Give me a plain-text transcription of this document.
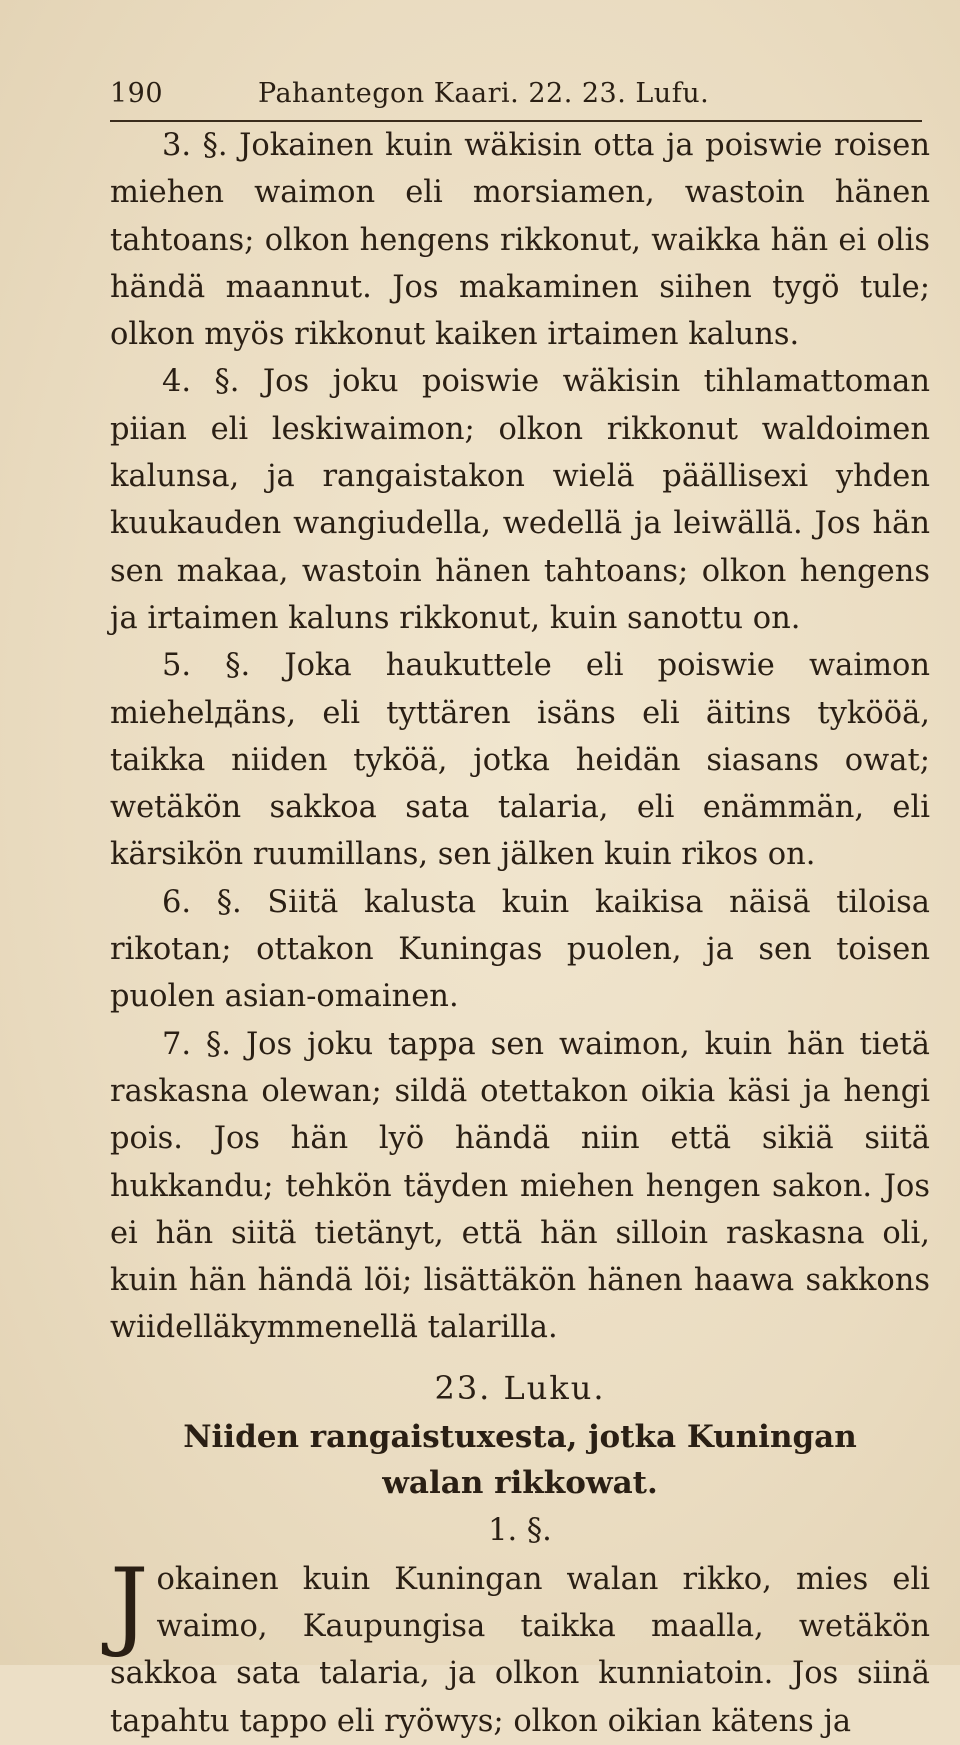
190	Pahantegon Kaari. 22. 23. Lufu.

3. §. Jokainen kuin wäkisin otta ja poiswie roisen miehen waimon eli morsiamen, wastoin hänen tahtoans; olkon hengens rikkonut, waikka hän ei olis händä maannut. Jos makaminen siihen tygö tule; olkon myös rikkonut kaiken irtaimen kaluns.

4. §. Jos joku poiswie wäkisin tihlamattoman piian eli leskiwaimon; olkon rikkonut waldoimen kalunsa, ja rangaistakon wielä päällisexi yhden kuukauden wangiudella, wedellä ja leiwällä. Jos hän sen makaa, wastoin hänen tahtoans; olkon hengens ja irtaimen kaluns rikkonut, kuin sanottu on.

5. §. Joka haukuttele eli poiswie waimon miehelдäns, eli tyttären isäns eli äitins tykööä, taikka niiden tyköä, jotka heidän siasans owat; wetäkön sakkoa sata talaria, eli enämmän, eli kärsikön ruumillans, sen jälken kuin rikos on.

6. §. Siitä kalusta kuin kaikisa näisä tiloisa rikotan; ottakon Kuningas puolen, ja sen toisen puolen asian-omainen.

7. §. Jos joku tappa sen waimon, kuin hän tietä raskasna olewan; sildä otettakon oikia käsi ja hengi pois. Jos hän lyö händä niin että sikiä siitä hukkandu; tehkön täyden miehen hengen sakon. Jos ei hän siitä tietänyt, että hän silloin raskasna oli, kuin hän händä löi; lisättäkön hänen haawa sakkons wiidelläkymmenellä talarilla.

23. Luku.

Niiden rangaistuxesta, jotka Kuningan walan rikkowat.

1. §.

Jokainen kuin Kuningan walan rikko, mies eli waimo, Kaupungisa taikka maalla, wetäkön sakkoa sata talaria, ja olkon kunniatoin. Jos siinä tapahtu tappo eli ryöwys; olkon oikian kätens ja
